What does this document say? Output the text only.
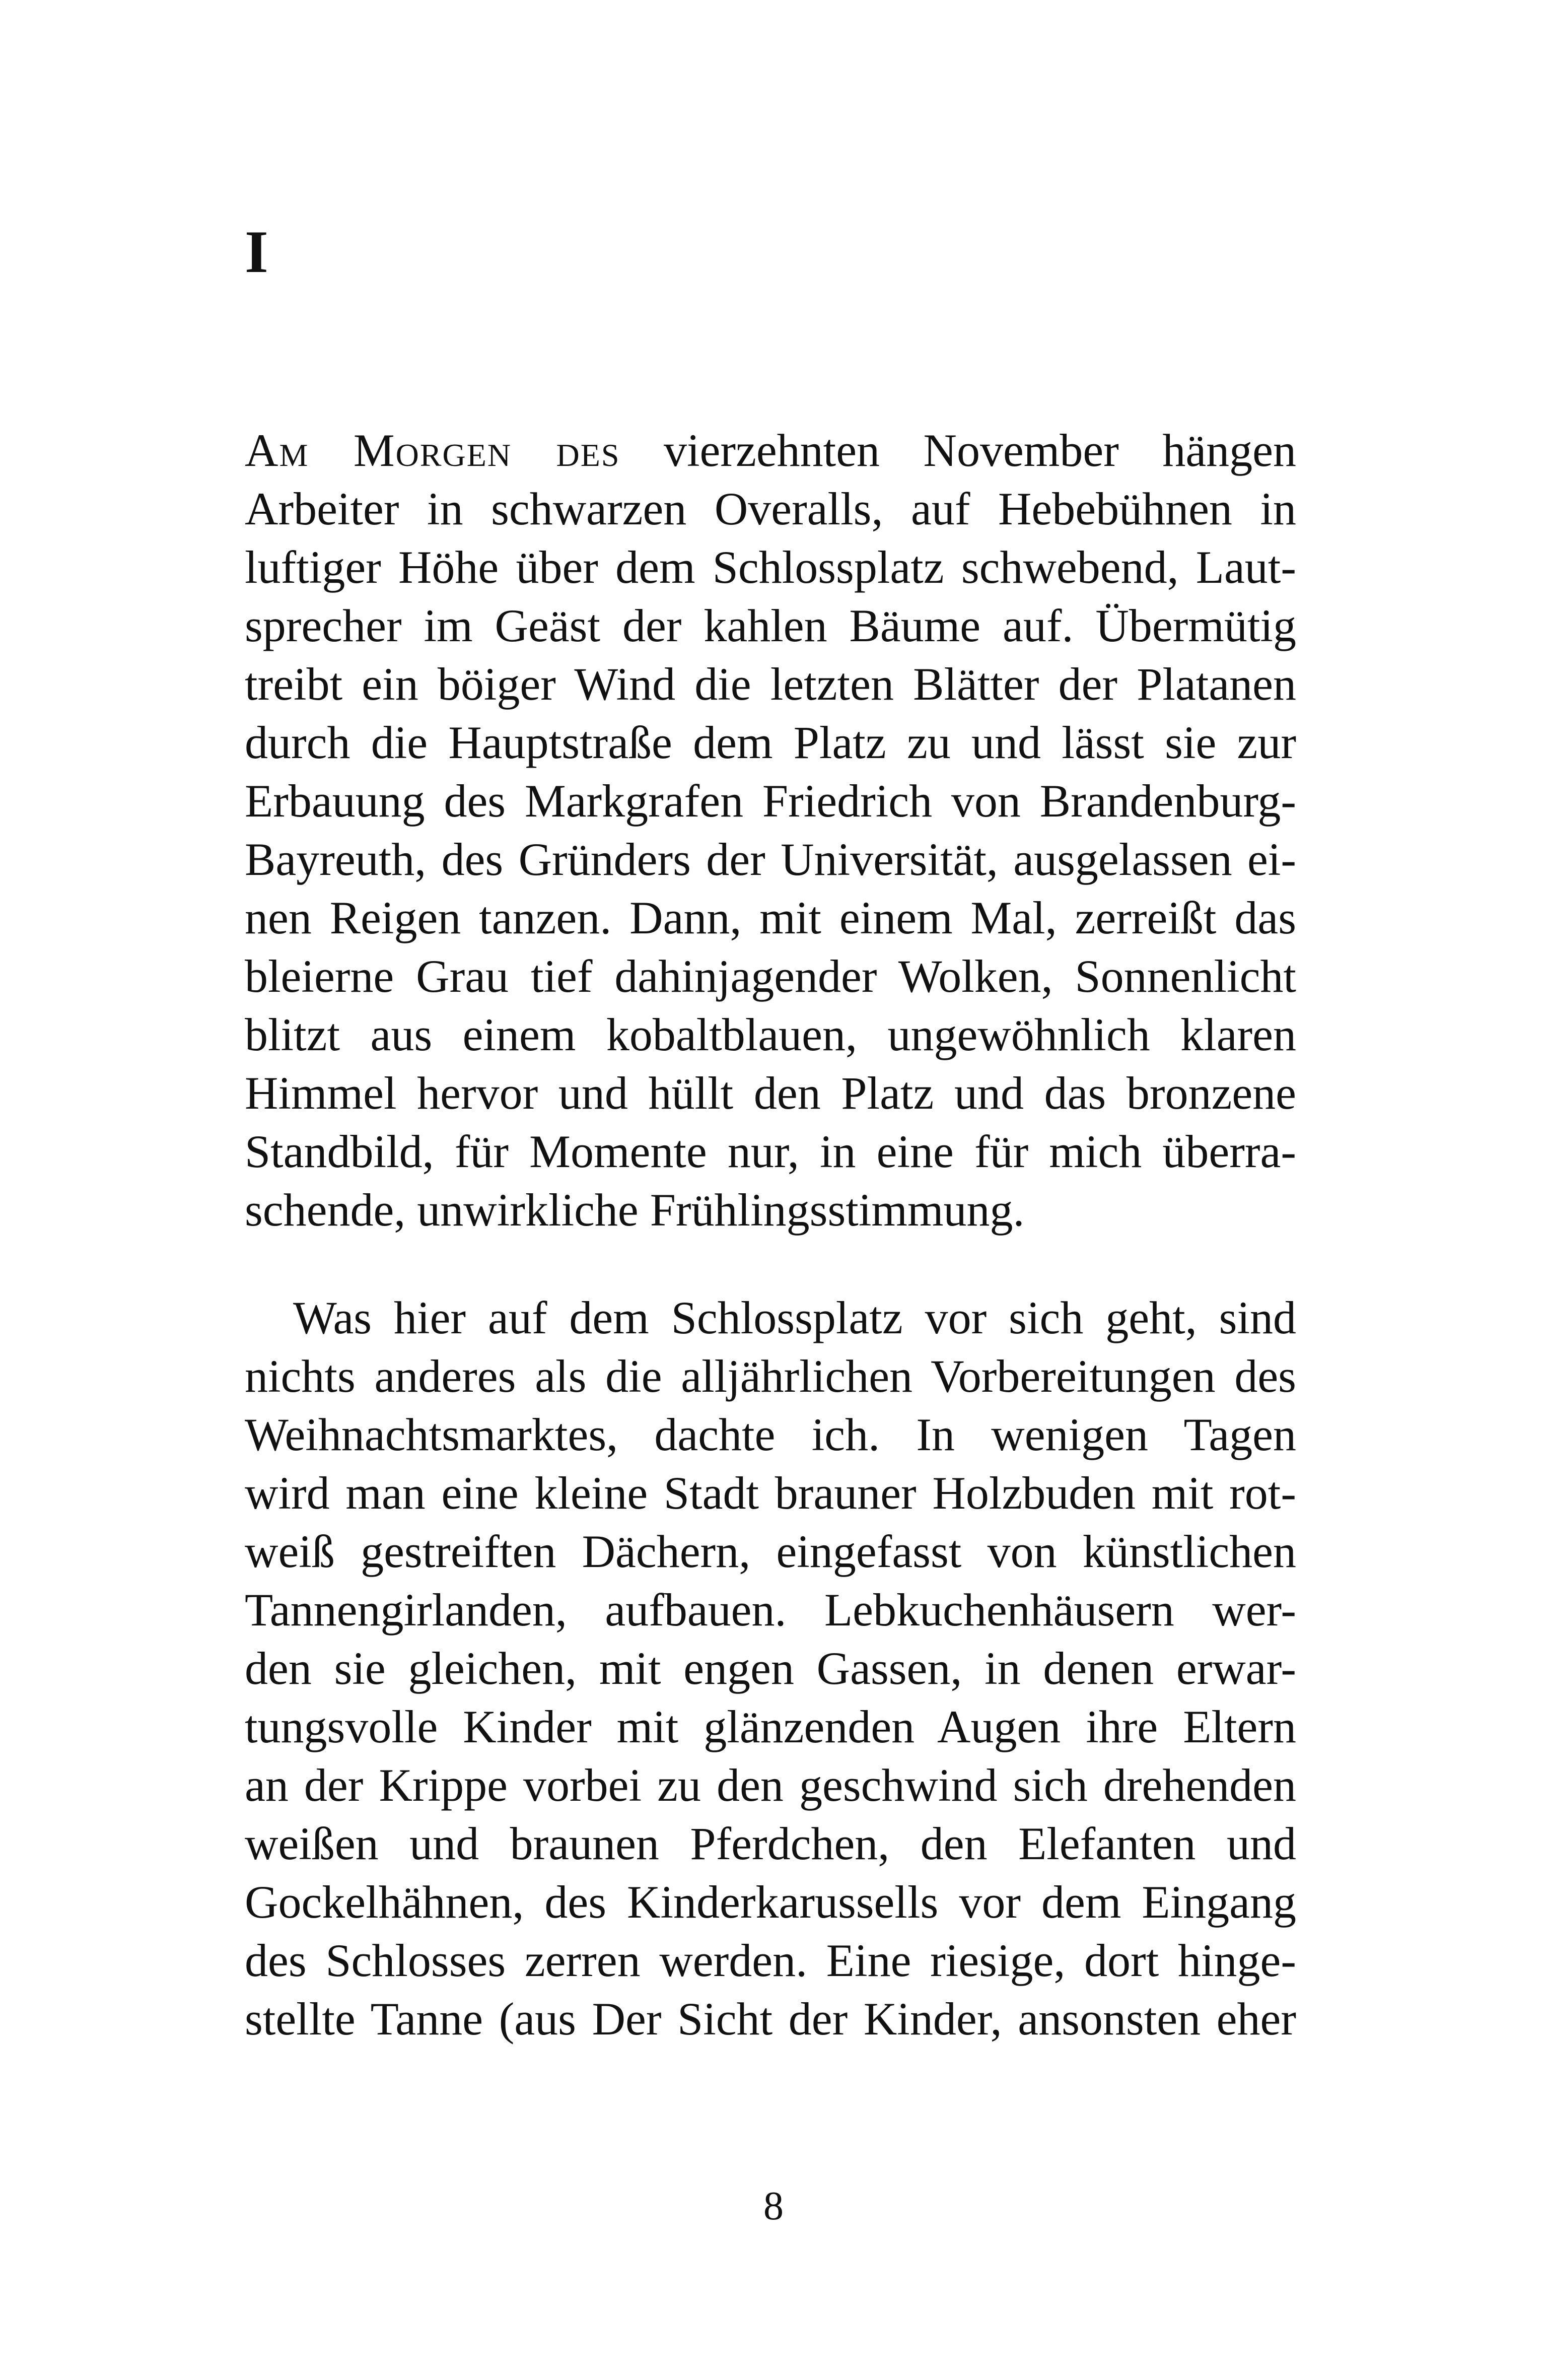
I
Am Morgen des vierzehnten November hängen
Arbeiter in schwarzen Overalls, auf Hebebühnen in
luftiger Höhe über dem Schlossplatz schwebend, Laut-
sprecher im Geäst der kahlen Bäume auf. Übermütig
treibt ein böiger Wind die letzten Blätter der Platanen
durch die Hauptstraße dem Platz zu und lässt sie zur
Erbauung des Markgrafen Friedrich von Brandenburg-
Bayreuth, des Gründers der Universität, ausgelassen ei-
nen Reigen tanzen. Dann, mit einem Mal, zerreißt das
bleierne Grau tief dahinjagender Wolken, Sonnenlicht
blitzt aus einem kobaltblauen, ungewöhnlich klaren
Himmel hervor und hüllt den Platz und das bronzene
Standbild, für Momente nur, in eine für mich überra-
schende, unwirkliche Frühlingsstimmung.
Was hier auf dem Schlossplatz vor sich geht, sind
nichts anderes als die alljährlichen Vorbereitungen des
Weihnachtsmarktes, dachte ich. In wenigen Tagen
wird man eine kleine Stadt brauner Holzbuden mit rot-
weiß gestreiften Dächern, eingefasst von künstlichen
Tannengirlanden, aufbauen. Lebkuchenhäusern wer-
den sie gleichen, mit engen Gassen, in denen erwar-
tungsvolle Kinder mit glänzenden Augen ihre Eltern
an der Krippe vorbei zu den geschwind sich drehenden
weißen und braunen Pferdchen, den Elefanten und
Gockelhähnen, des Kinderkarussells vor dem Eingang
des Schlosses zerren werden. Eine riesige, dort hinge-
stellte Tanne (aus Der Sicht der Kinder, ansonsten eher
8
